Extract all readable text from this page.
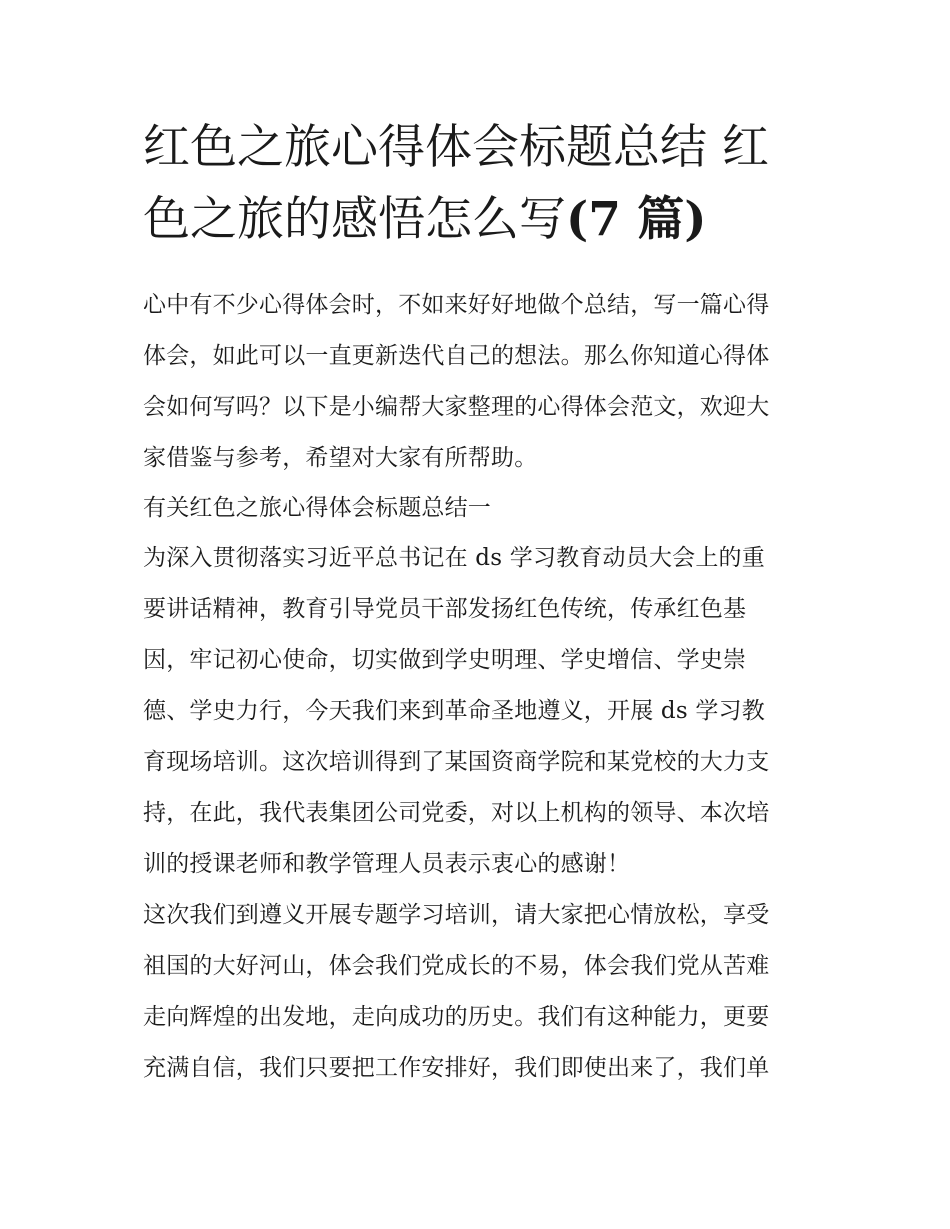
红色之旅心得体会标题总结 红
色之旅的感悟怎么写(7 篇)
心中有不少心得体会时，不如来好好地做个总结，写一篇心得
体会，如此可以一直更新迭代自己的想法。那么你知道心得体
会如何写吗？以下是小编帮大家整理的心得体会范文，欢迎大
家借鉴与参考，希望对大家有所帮助。
有关红色之旅心得体会标题总结一
为深入贯彻落实习近平总书记在 ds 学习教育动员大会上的重
要讲话精神，教育引导党员干部发扬红色传统，传承红色基
因，牢记初心使命，切实做到学史明理、学史增信、学史崇
德、学史力行，今天我们来到革命圣地遵义，开展 ds 学习教
育现场培训。这次培训得到了某国资商学院和某党校的大力支
持，在此，我代表集团公司党委，对以上机构的领导、本次培
训的授课老师和教学管理人员表示衷心的感谢！
这次我们到遵义开展专题学习培训，请大家把心情放松，享受
祖国的大好河山，体会我们党成长的不易，体会我们党从苦难
走向辉煌的出发地，走向成功的历史。我们有这种能力，更要
充满自信，我们只要把工作安排好，我们即使出来了，我们单
